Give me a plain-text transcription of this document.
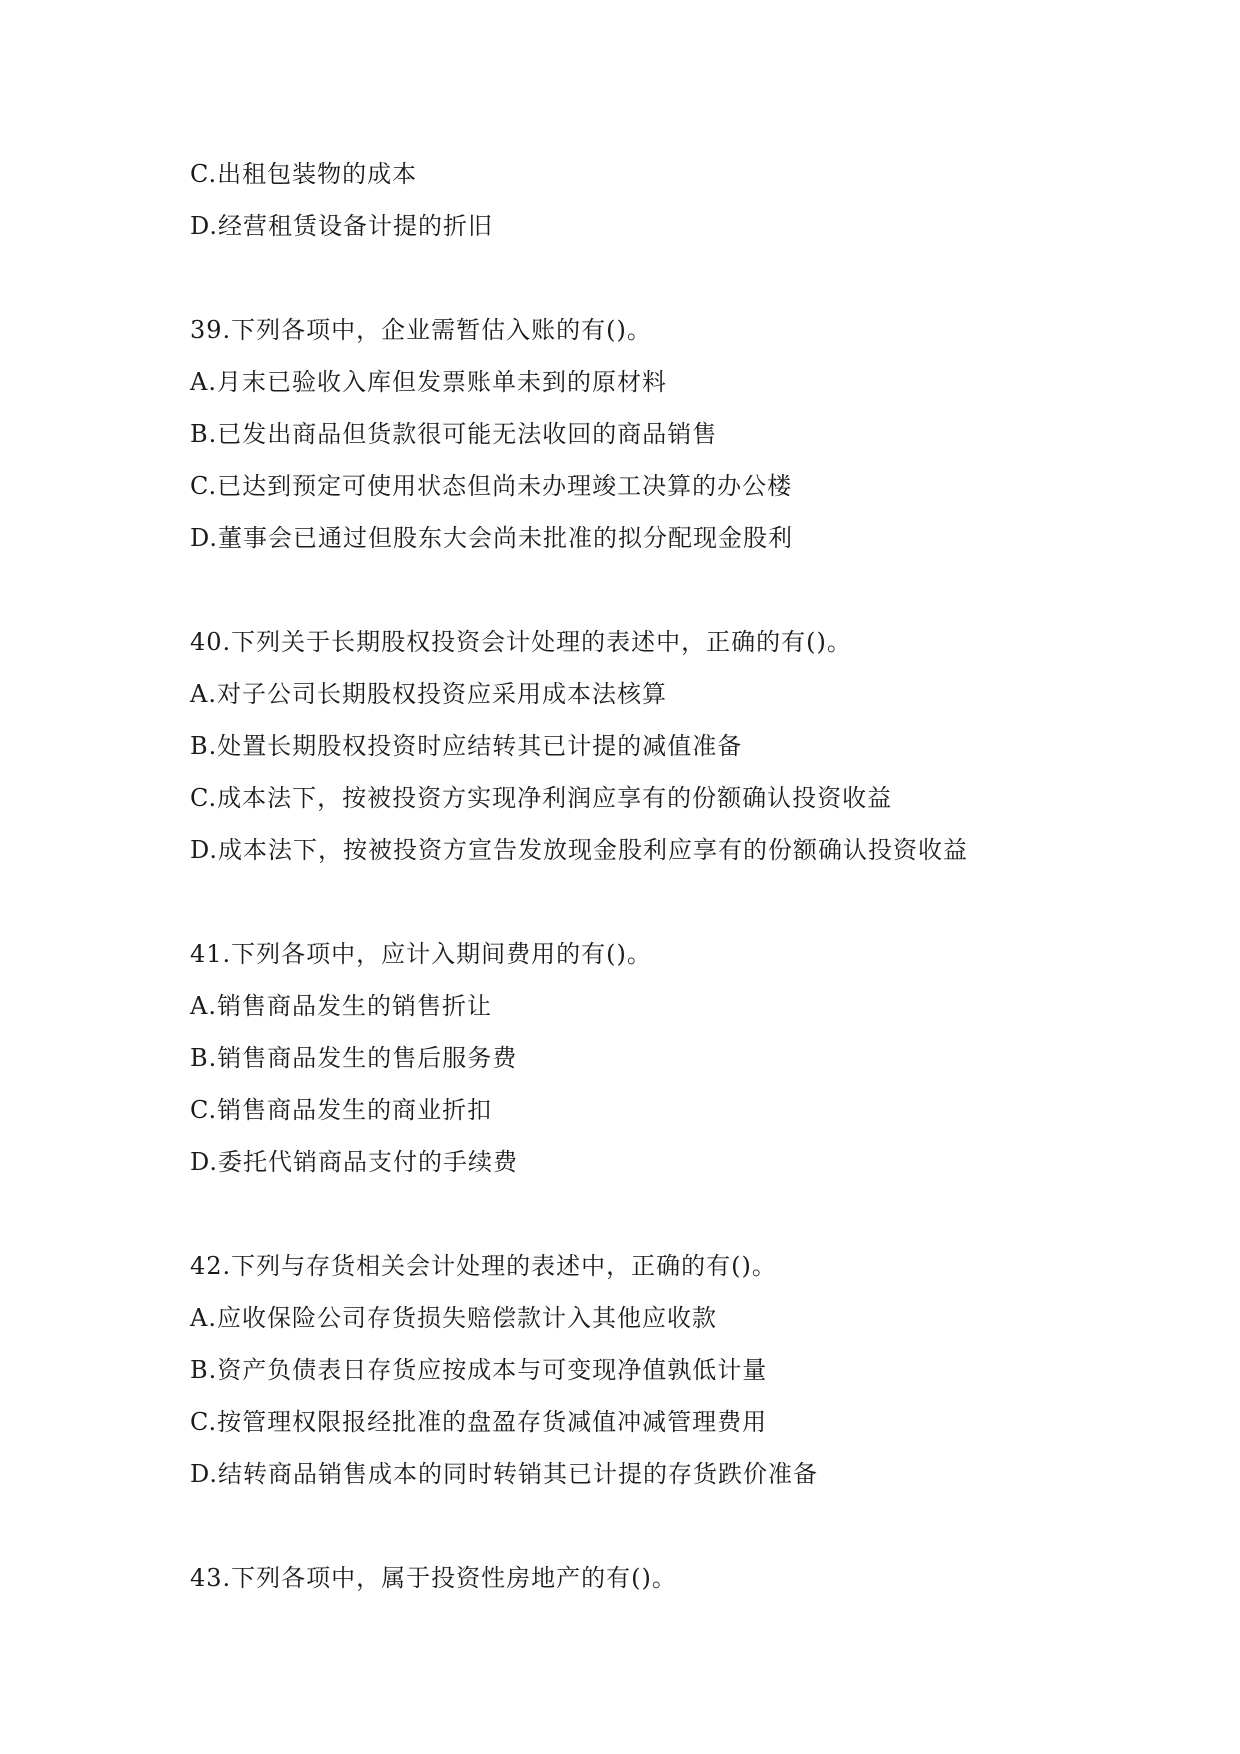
C.出租包装物的成本
D.经营租赁设备计提的折旧
39.下列各项中，企业需暂估入账的有()。
A.月末已验收入库但发票账单未到的原材料
B.已发出商品但货款很可能无法收回的商品销售
C.已达到预定可使用状态但尚未办理竣工决算的办公楼
D.董事会已通过但股东大会尚未批准的拟分配现金股利
40.下列关于长期股权投资会计处理的表述中，正确的有()。
A.对子公司长期股权投资应采用成本法核算
B.处置长期股权投资时应结转其已计提的减值准备
C.成本法下，按被投资方实现净利润应享有的份额确认投资收益
D.成本法下，按被投资方宣告发放现金股利应享有的份额确认投资收益
41.下列各项中，应计入期间费用的有()。
A.销售商品发生的销售折让
B.销售商品发生的售后服务费
C.销售商品发生的商业折扣
D.委托代销商品支付的手续费
42.下列与存货相关会计处理的表述中，正确的有()。
A.应收保险公司存货损失赔偿款计入其他应收款
B.资产负债表日存货应按成本与可变现净值孰低计量
C.按管理权限报经批准的盘盈存货减值冲减管理费用
D.结转商品销售成本的同时转销其已计提的存货跌价准备
43.下列各项中，属于投资性房地产的有()。
